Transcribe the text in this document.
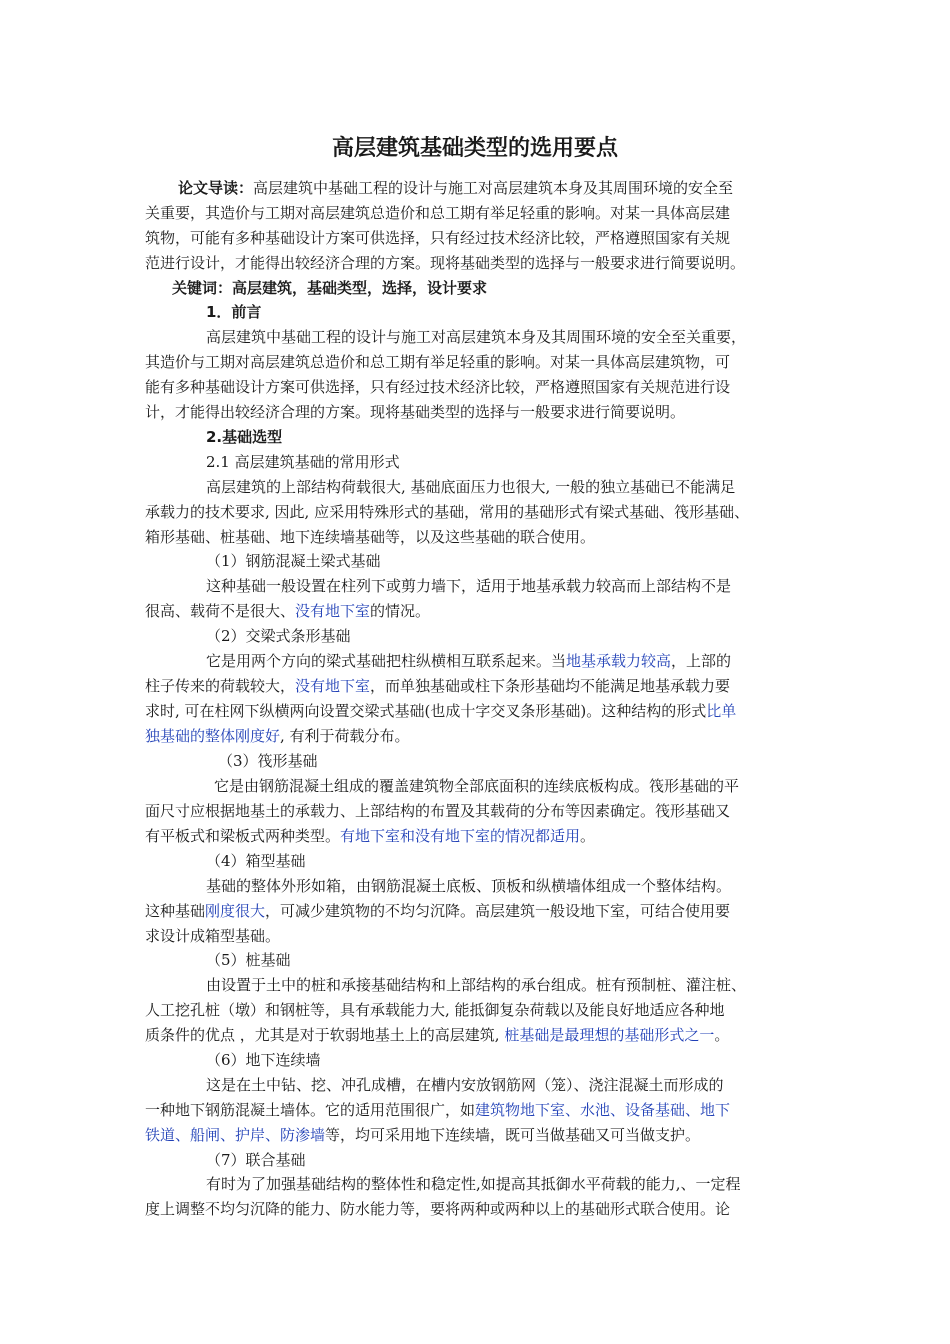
高层建筑基础类型的选用要点
论文导读：高层建筑中基础工程的设计与施工对高层建筑本身及其周围环境的安全至
关重要，其造价与工期对高层建筑总造价和总工期有举足轻重的影响。对某一具体高层建
筑物，可能有多种基础设计方案可供选择，只有经过技术经济比较，严格遵照国家有关规
范进行设计，才能得出较经济合理的方案。现将基础类型的选择与一般要求进行简要说明。
关键词：高层建筑，基础类型，选择，设计要求
1．前言
高层建筑中基础工程的设计与施工对高层建筑本身及其周围环境的安全至关重要，
其造价与工期对高层建筑总造价和总工期有举足轻重的影响。对某一具体高层建筑物，可
能有多种基础设计方案可供选择，只有经过技术经济比较，严格遵照国家有关规范进行设
计，才能得出较经济合理的方案。现将基础类型的选择与一般要求进行简要说明。
2.基础选型
2.1 高层建筑基础的常用形式
高层建筑的上部结构荷载很大, 基础底面压力也很大, 一般的独立基础已不能满足
承载力的技术要求, 因此, 应采用特殊形式的基础，常用的基础形式有梁式基础、筏形基础、
箱形基础、桩基础、地下连续墙基础等，以及这些基础的联合使用。
（1）钢筋混凝土梁式基础
这种基础一般设置在柱列下或剪力墙下，适用于地基承载力较高而上部结构不是
很高、载荷不是很大、没有地下室的情况。
（2）交梁式条形基础
它是用两个方向的梁式基础把柱纵横相互联系起来。当地基承载力较高，上部的
柱子传来的荷载较大，没有地下室，而单独基础或柱下条形基础均不能满足地基承载力要
求时, 可在柱网下纵横两向设置交梁式基础(也成十字交叉条形基础)。这种结构的形式比单
独基础的整体刚度好, 有利于荷载分布。
（3）筏形基础
它是由钢筋混凝土组成的覆盖建筑物全部底面积的连续底板构成。筏形基础的平
面尺寸应根据地基土的承载力、上部结构的布置及其载荷的分布等因素确定。筏形基础又
有平板式和梁板式两种类型。有地下室和没有地下室的情况都适用。
（4）箱型基础
基础的整体外形如箱，由钢筋混凝土底板、顶板和纵横墙体组成一个整体结构。
这种基础刚度很大，可减少建筑物的不均匀沉降。高层建筑一般设地下室，可结合使用要
求设计成箱型基础。
（5）桩基础
由设置于土中的桩和承接基础结构和上部结构的承台组成。桩有预制桩、灌注桩、
人工挖孔桩（墩）和钢桩等，具有承载能力大, 能抵御复杂荷载以及能良好地适应各种地
质条件的优点 ，尤其是对于软弱地基土上的高层建筑, 桩基础是最理想的基础形式之一。
（6）地下连续墙
这是在土中钻、挖、冲孔成槽，在槽内安放钢筋网（笼）、浇注混凝土而形成的
一种地下钢筋混凝土墙体。它的适用范围很广，如建筑物地下室、水池、设备基础、地下
铁道、船闸、护岸、防渗墙等，均可采用地下连续墙，既可当做基础又可当做支护。
（7）联合基础
有时为了加强基础结构的整体性和稳定性,如提高其抵御水平荷载的能力,、一定程
度上调整不均匀沉降的能力、防水能力等，要将两种或两种以上的基础形式联合使用。论
